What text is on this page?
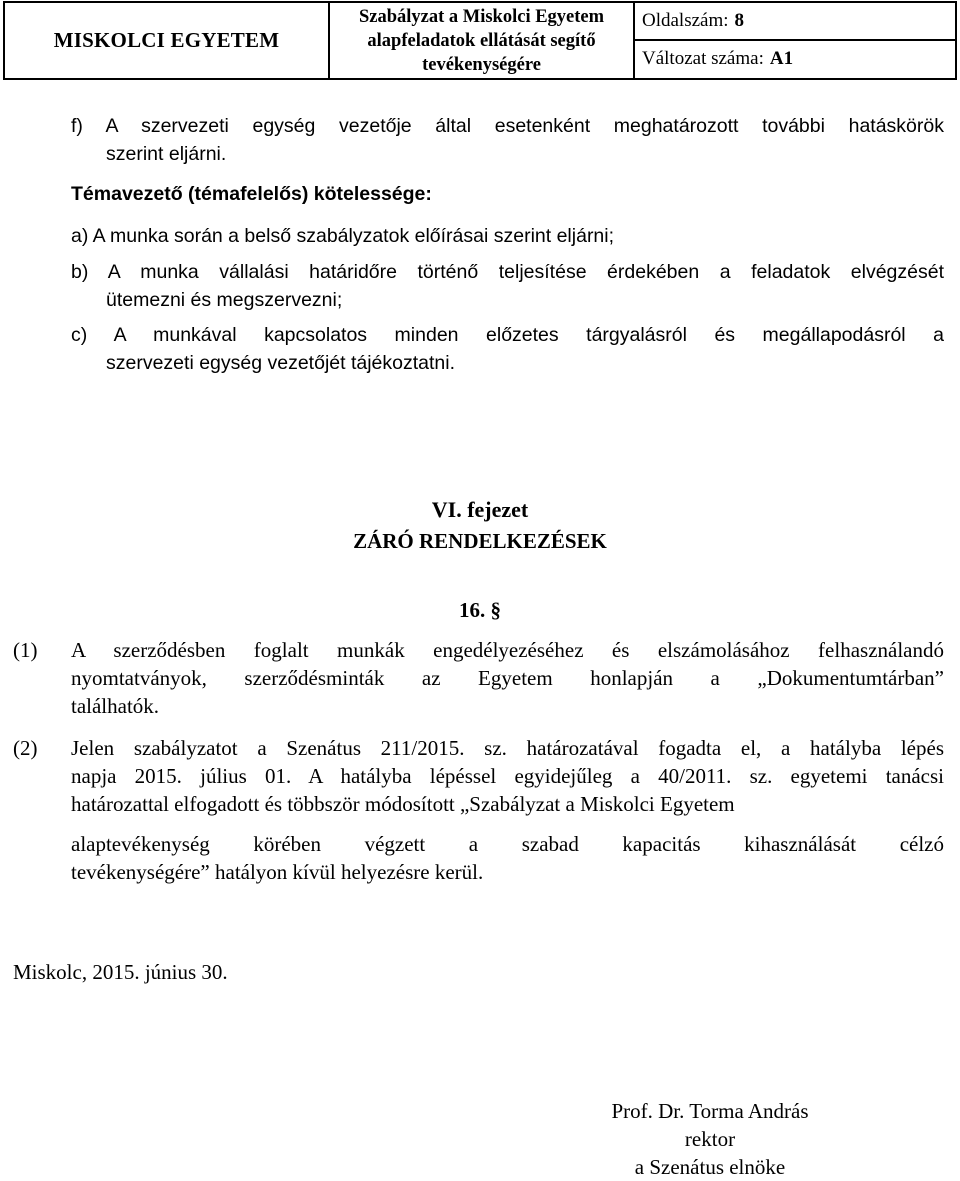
MISKOLCI EGYETEM
Szabályzat a Miskolci Egyetem
alapfeladatok ellátását segítő
tevékenységére
Oldalszám: 8
Változat száma: A1
f) A szervezeti egység vezetője által esetenként meghatározott további hatáskörök
szerint eljárni.
Témavezető (témafelelős) kötelessége:
a) A munka során a belső szabályzatok előírásai szerint eljárni;
b) A munka vállalási határidőre történő teljesítése érdekében a feladatok elvégzését
ütemezni és megszervezni;
c) A munkával kapcsolatos minden előzetes tárgyalásról és megállapodásról a
szervezeti egység vezetőjét tájékoztatni.
VI. fejezet
ZÁRÓ RENDELKEZÉSEK
16. §
(1) A szerződésben foglalt munkák engedélyezéséhez és elszámolásához felhasználandó
nyomtatványok, szerződésminták az Egyetem honlapján a „Dokumentumtárban”
találhatók.
(2) Jelen szabályzatot a Szenátus 211/2015. sz. határozatával fogadta el, a hatályba lépés
napja 2015. július 01. A hatályba lépéssel egyidejűleg a 40/2011. sz. egyetemi tanácsi
határozattal elfogadott és többször módosított „Szabályzat a Miskolci Egyetem
alaptevékenység körében végzett a szabad kapacitás kihasználását célzó
tevékenységére” hatályon kívül helyezésre kerül.
Miskolc, 2015. június 30.
Prof. Dr. Torma András
rektor
a Szenátus elnöke
